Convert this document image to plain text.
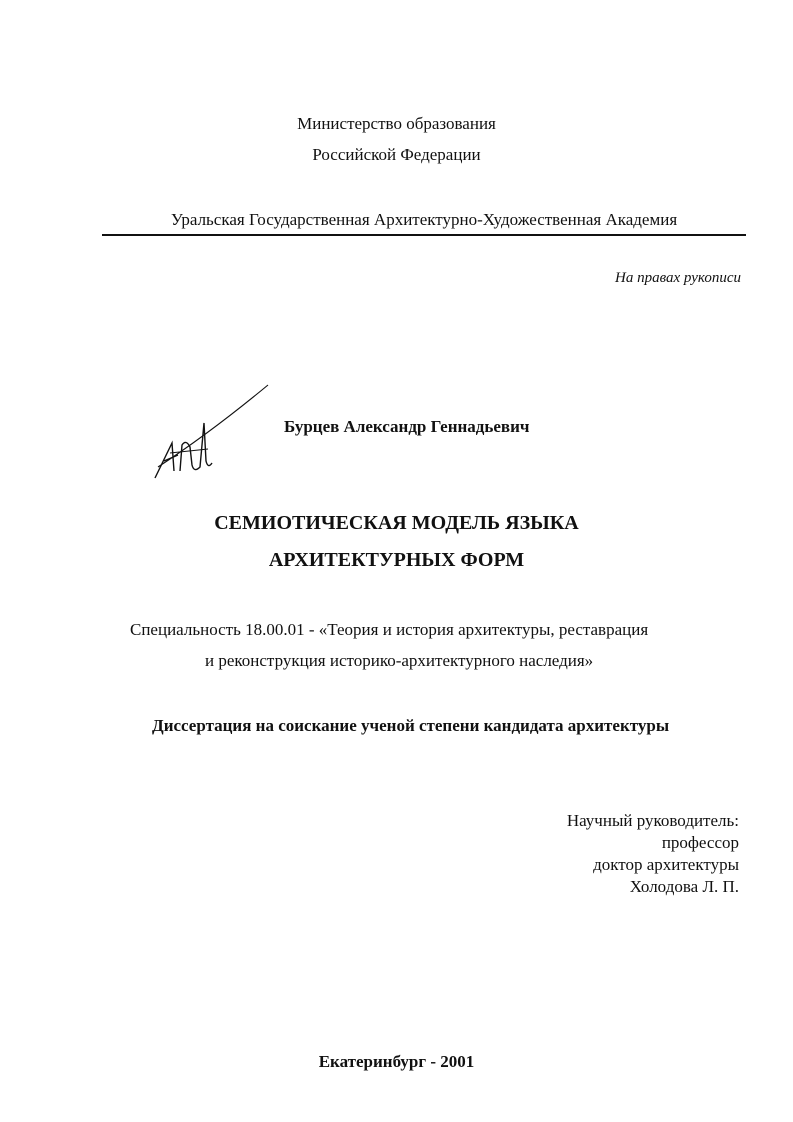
Министерство образования
Российской Федерации
Уральская Государственная Архитектурно-Художественная Академия
На правах рукописи
Бурцев Александр Геннадьевич
СЕМИОТИЧЕСКАЯ МОДЕЛЬ ЯЗЫКА
АРХИТЕКТУРНЫХ ФОРМ
Специальность 18.00.01 - «Теория и история архитектуры, реставрация
и реконструкция историко-архитектурного наследия»
Диссертация на соискание ученой степени кандидата архитектуры
Научный руководитель:
профессор
доктор архитектуры
Холодова Л. П.
Екатеринбург - 2001
